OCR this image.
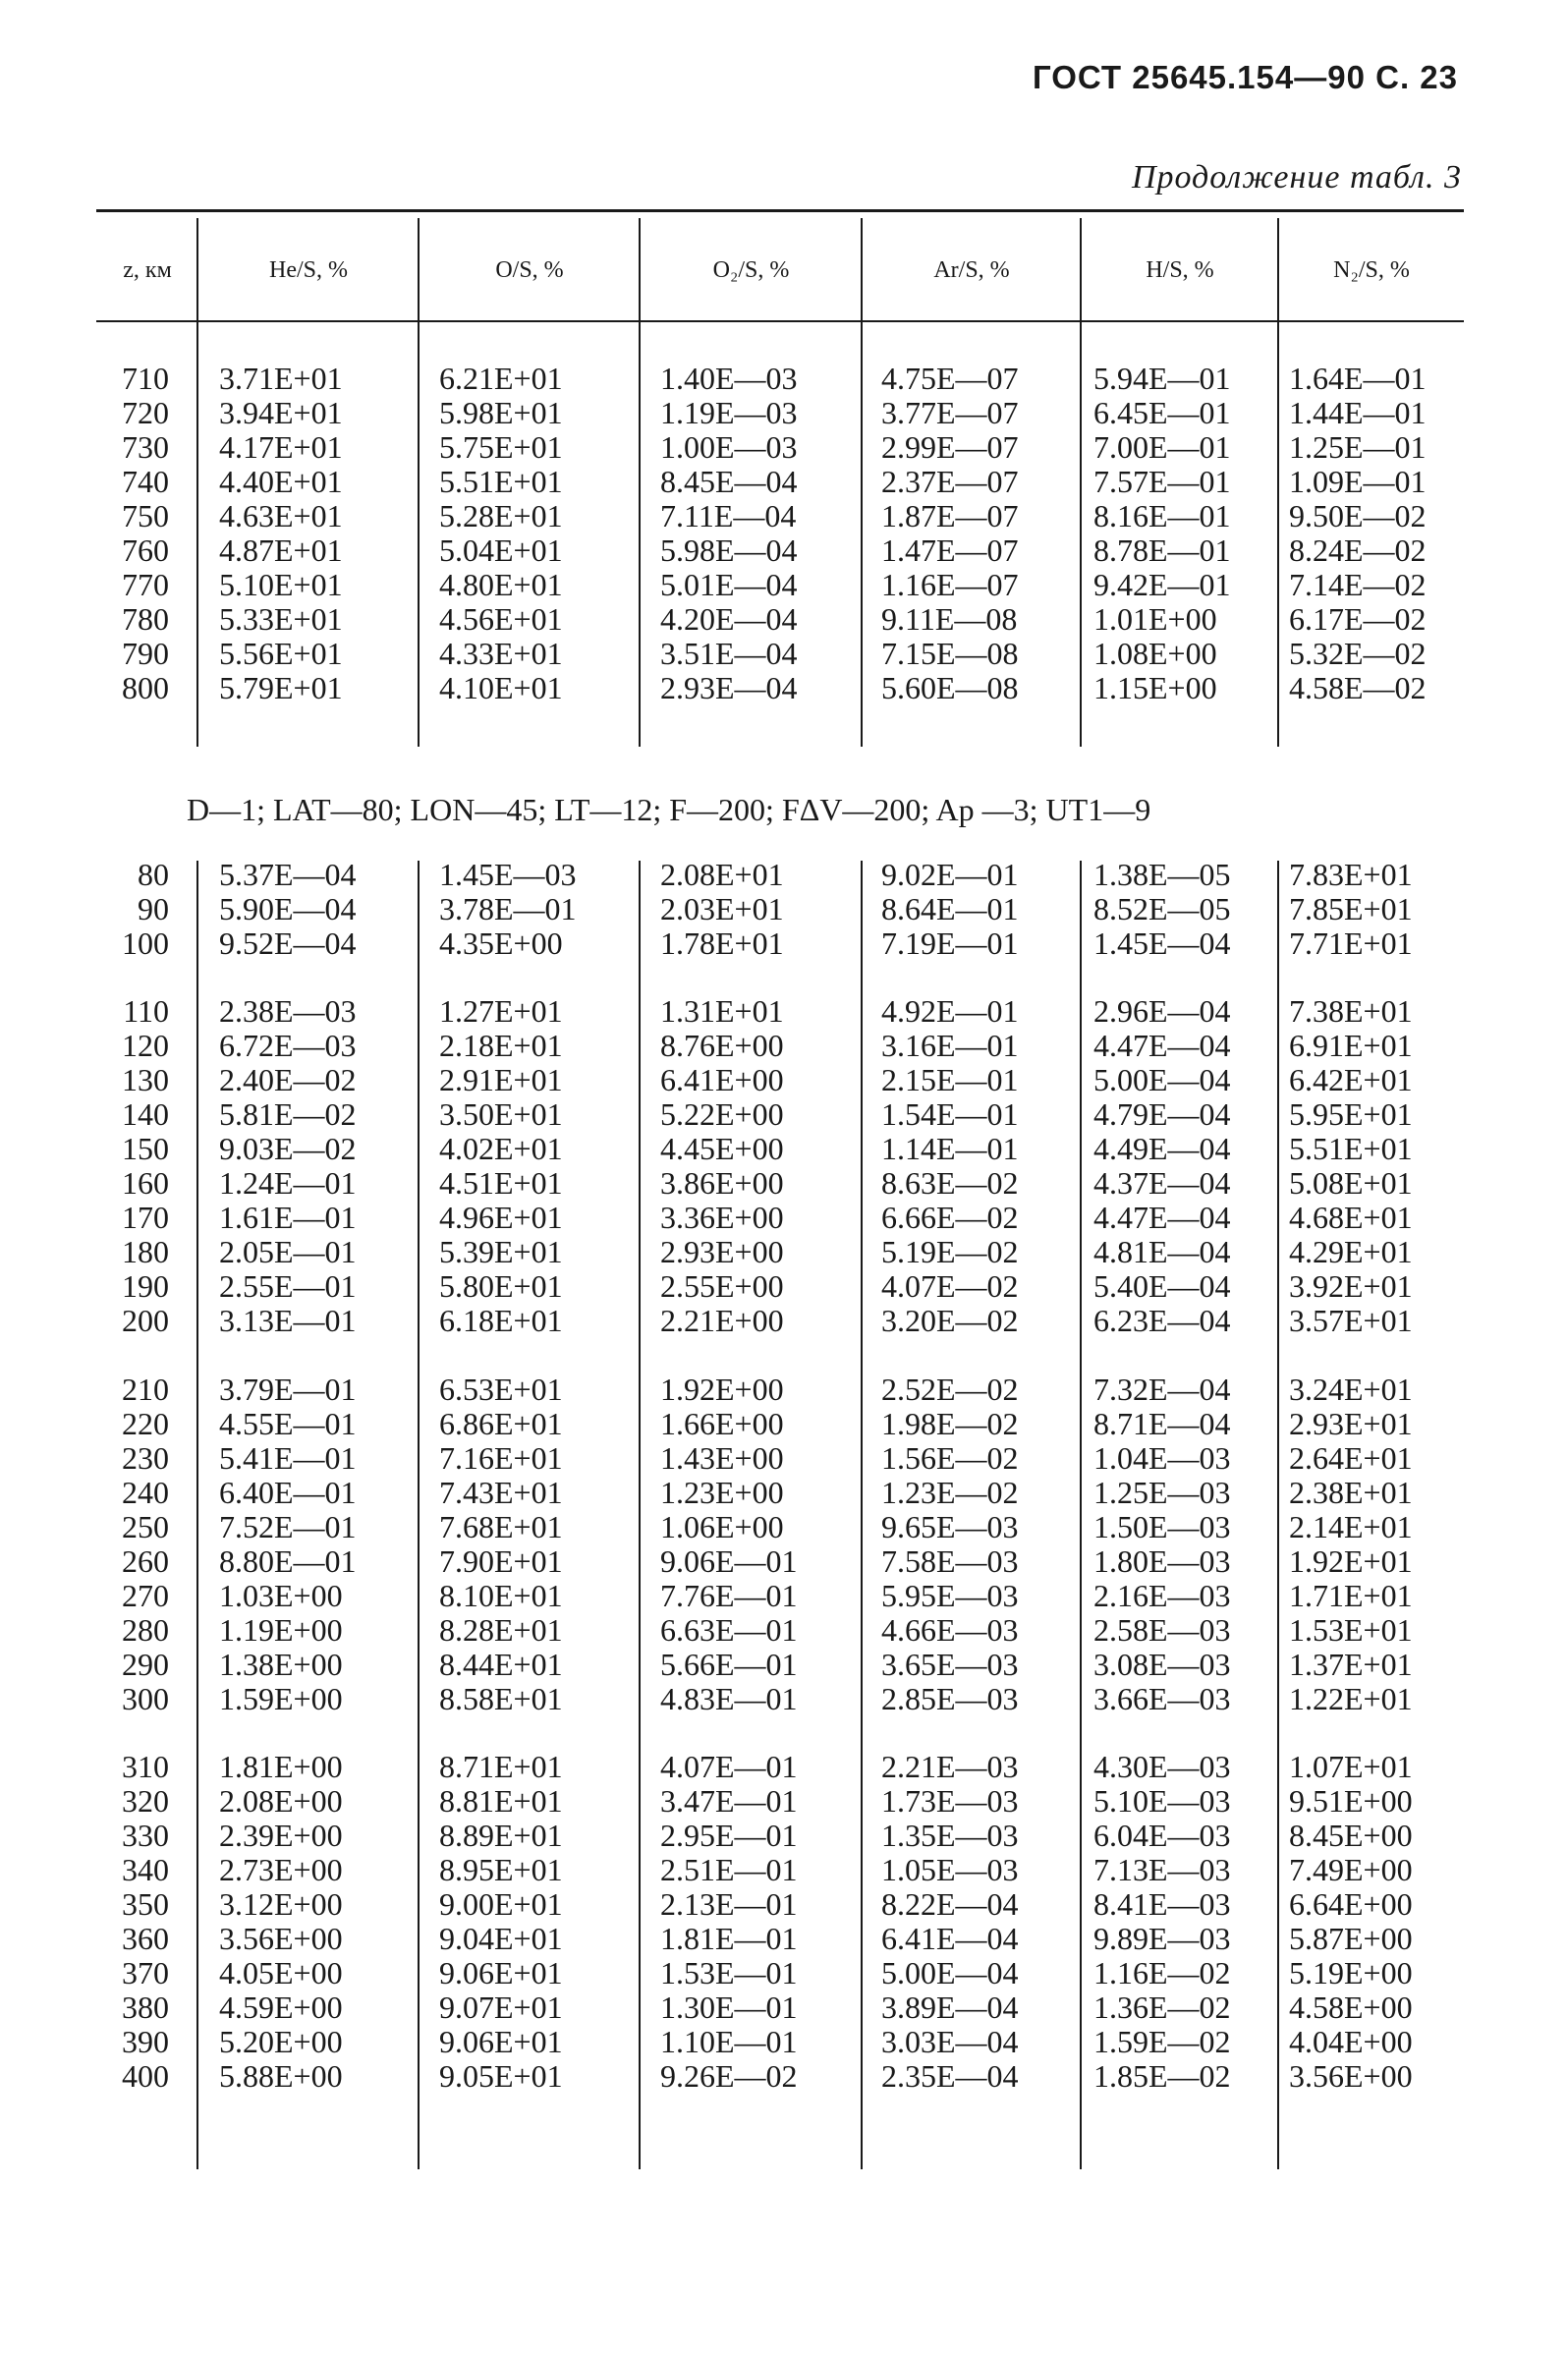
ГОСТ 25645.154—90 С. 23
Продолжение табл. 3
z, км	He/S, %	O/S, %	O₂/S, %	Ar/S, %	H/S, %	N₂/S, %
710 3.71E+01	6.21E+01	1.40E—03	4.75E—07 5.94E—01 1.64E—01
720 3.94E+01	5.98E+01	1.19E—03	3.77E—07 6.45E—01 1.44E—01
730 4.17E+01	5.75E+01	1.00E—03	2.99E—07 7.00E—01 1.25E—01
740 4.40E+01	5.51E+01	8.45E—04	2.37E—07 7.57E—01 1.09E—01
750 4.63E+01	5.28E+01	7.11E—04	1.87E—07 8.16E—01 9.50E—02
760 4.87E+01	5.04E+01	5.98E—04	1.47E—07 8.78E—01 8.24E—02
770 5.10E+01	4.80E+01	5.01E—04	1.16E—07 9.42E—01 7.14E—02
780 5.33E+01	4.56E+01	4.20E—04	9.11E—08 1.01E+00 6.17E—02
790 5.56E+01	4.33E+01	3.51E—04	7.15E—08 1.08E+00 5.32E—02
800 5.79E+01	4.10E+01	2.93E—04	5.60E—08 1.15E+00 4.58E—02
D—1; LAT—80; LON—45; LT—12; F—200; FΔV—200; Aр —3; UT1—9
80 5.37E—04	1.45E—03	2.08E+01	9.02E—01 1.38E—05 7.83E+01
90 5.90E—04	3.78E—01	2.03E+01	8.64E—01 8.52E—05 7.85E+01
100 9.52E—04	4.35E+00	1.78E+01	7.19E—01 1.45E—04 7.71E+01
110 2.38E—03	1.27E+01	1.31E+01	4.92E—01 2.96E—04 7.38E+01
120 6.72E—03	2.18E+01	8.76E+00	3.16E—01 4.47E—04 6.91E+01
130 2.40E—02	2.91E+01	6.41E+00	2.15E—01 5.00E—04 6.42E+01
140 5.81E—02	3.50E+01	5.22E+00	1.54E—01 4.79E—04 5.95E+01
150 9.03E—02	4.02E+01	4.45E+00	1.14E—01 4.49E—04 5.51E+01
160 1.24E—01	4.51E+01	3.86E+00	8.63E—02 4.37E—04 5.08E+01
170 1.61E—01	4.96E+01	3.36E+00	6.66E—02 4.47E—04 4.68E+01
180 2.05E—01	5.39E+01	2.93E+00	5.19E—02 4.81E—04 4.29E+01
190 2.55E—01	5.80E+01	2.55E+00	4.07E—02 5.40E—04 3.92E+01
200 3.13E—01	6.18E+01	2.21E+00	3.20E—02 6.23E—04 3.57E+01
210 3.79E—01	6.53E+01	1.92E+00	2.52E—02 7.32E—04 3.24E+01
220 4.55E—01	6.86E+01	1.66E+00	1.98E—02 8.71E—04 2.93E+01
230 5.41E—01	7.16E+01	1.43E+00	1.56E—02 1.04E—03 2.64E+01
240 6.40E—01	7.43E+01	1.23E+00	1.23E—02 1.25E—03 2.38E+01
250 7.52E—01	7.68E+01	1.06E+00	9.65E—03 1.50E—03 2.14E+01
260 8.80E—01	7.90E+01	9.06E—01	7.58E—03 1.80E—03 1.92E+01
270 1.03E+00	8.10E+01	7.76E—01	5.95E—03 2.16E—03 1.71E+01
280 1.19E+00	8.28E+01	6.63E—01	4.66E—03 2.58E—03 1.53E+01
290 1.38E+00	8.44E+01	5.66E—01	3.65E—03 3.08E—03 1.37E+01
300 1.59E+00	8.58E+01	4.83E—01	2.85E—03 3.66E—03 1.22E+01
310 1.81E+00	8.71E+01	4.07E—01	2.21E—03 4.30E—03 1.07E+01
320 2.08E+00	8.81E+01	3.47E—01	1.73E—03 5.10E—03 9.51E+00
330 2.39E+00	8.89E+01	2.95E—01	1.35E—03 6.04E—03 8.45E+00
340 2.73E+00	8.95E+01	2.51E—01	1.05E—03 7.13E—03 7.49E+00
350 3.12E+00	9.00E+01	2.13E—01	8.22E—04 8.41E—03 6.64E+00
360 3.56E+00	9.04E+01	1.81E—01	6.41E—04 9.89E—03 5.87E+00
370 4.05E+00	9.06E+01	1.53E—01	5.00E—04 1.16E—02 5.19E+00
380 4.59E+00	9.07E+01	1.30E—01	3.89E—04 1.36E—02 4.58E+00
390 5.20E+00	9.06E+01	1.10E—01	3.03E—04 1.59E—02 4.04E+00
400 5.88E+00	9.05E+01	9.26E—02	2.35E—04 1.85E—02 3.56E+00
